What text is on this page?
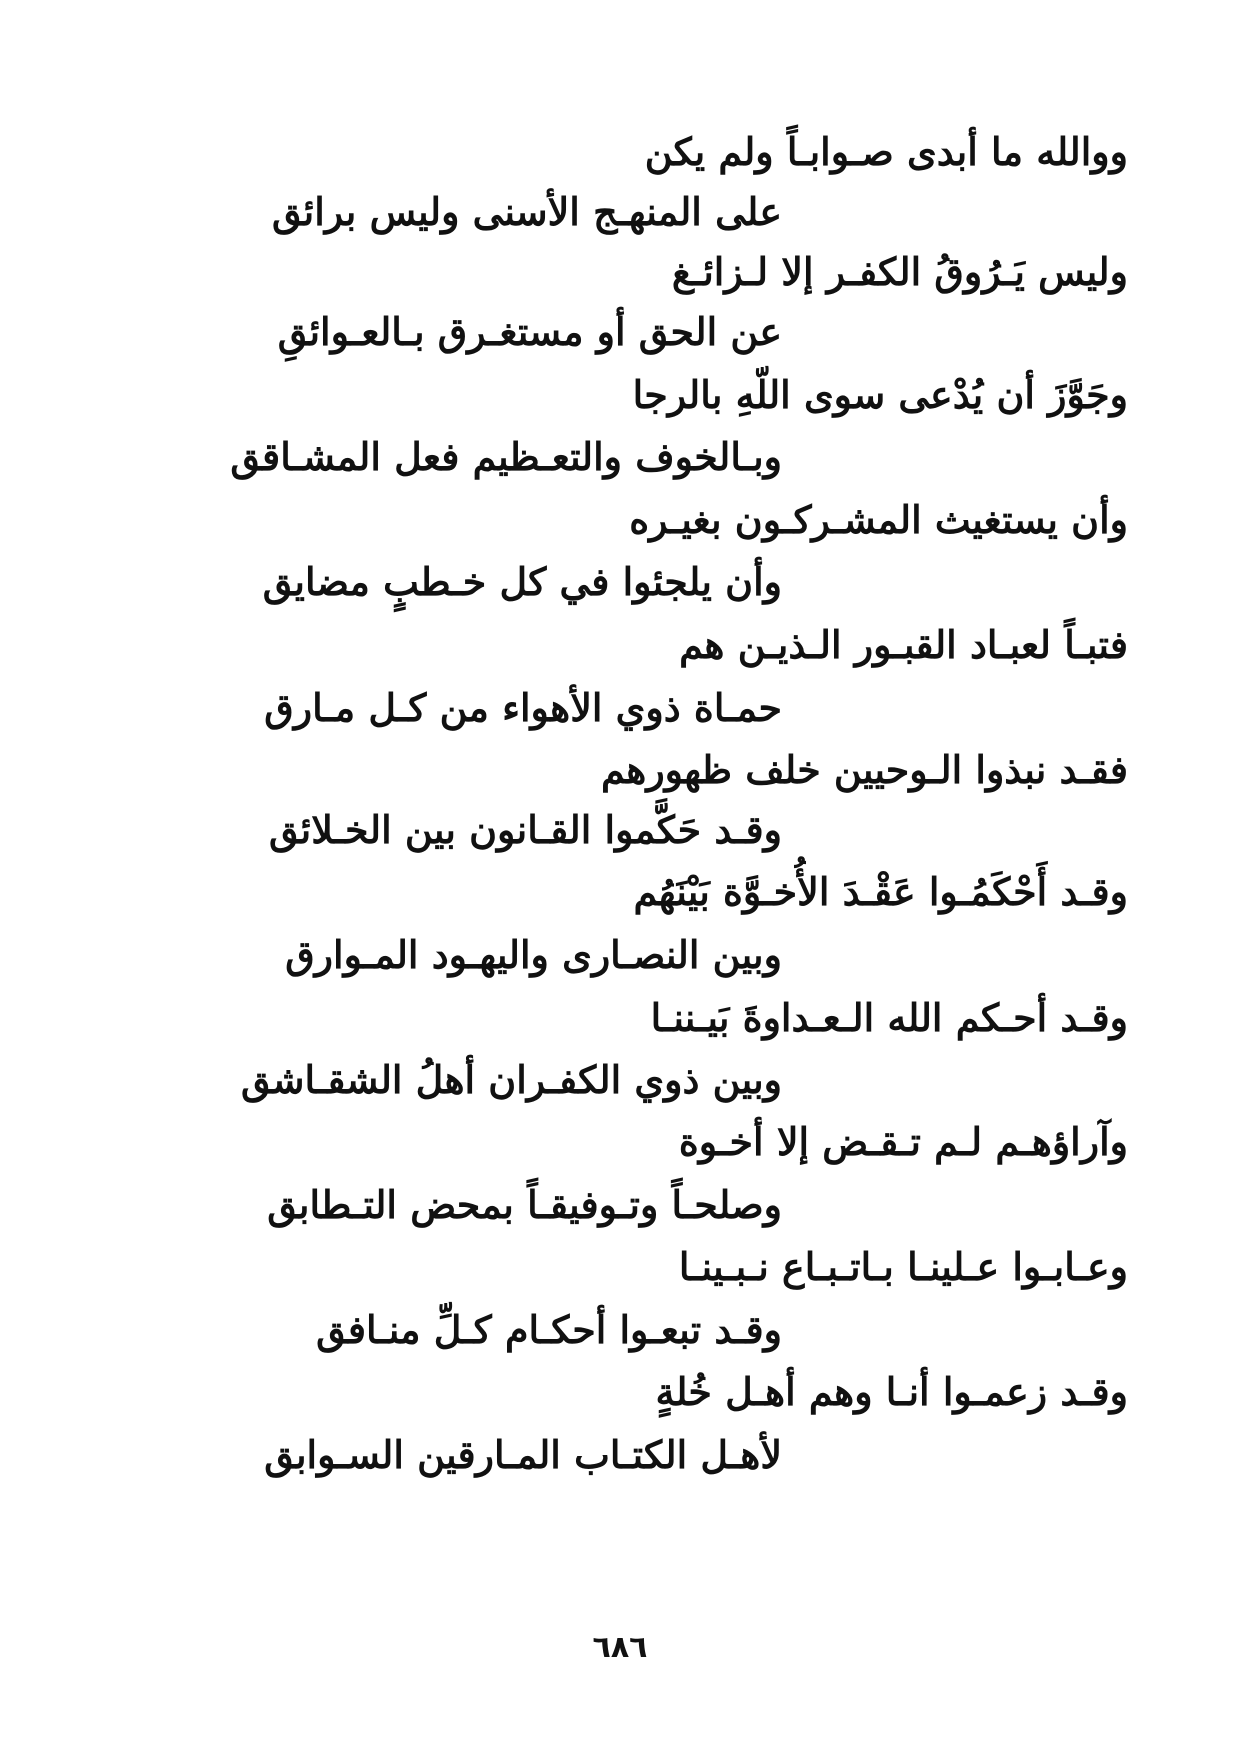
ووالله ما أبدى صـوابـاً ولم يكن
على المنهـج الأسنى وليس برائق
وليس يَـرُوقُ الكفـر إلا لـزائـغ
عن الحق أو مستغـرق بـالعـوائقِ
وجَوَّزَ أن يُدْعى سوى اللّهِ بالرجا
وبـالخوف والتعـظيم فعل المشـاقق
وأن يستغيث المشـركـون بغيـره
وأن يلجئوا في كل خـطبٍ مضايق
فتبـاً لعبـاد القبـور الـذيـن هم
حمـاة ذوي الأهواء من كـل مـارق
فقـد نبذوا الـوحيين خلف ظهورهم
وقـد حَكَّموا القـانون بين الخـلائق
وقـد أَحْكَمُـوا عَقْـدَ الأُخـوَّة بَيْنَهُم
وبين النصـارى واليهـود المـوارق
وقـد أحـكم الله الـعـداوةَ بَيـننـا
وبين ذوي الكفـران أهلُ الشقـاشق
وآراؤهـم لـم تـقـض إلا أخـوة
وصلحـاً وتـوفيقـاً بمحض التـطابق
وعـابـوا عـلينـا بـاتـبـاع نـبـينـا
وقـد تبعـوا أحكـام كـلِّ منـافق
وقـد زعمـوا أنـا وهم أهـل خُلةٍ
لأهـل الكتـاب المـارقين السـوابق
٦٨٦
